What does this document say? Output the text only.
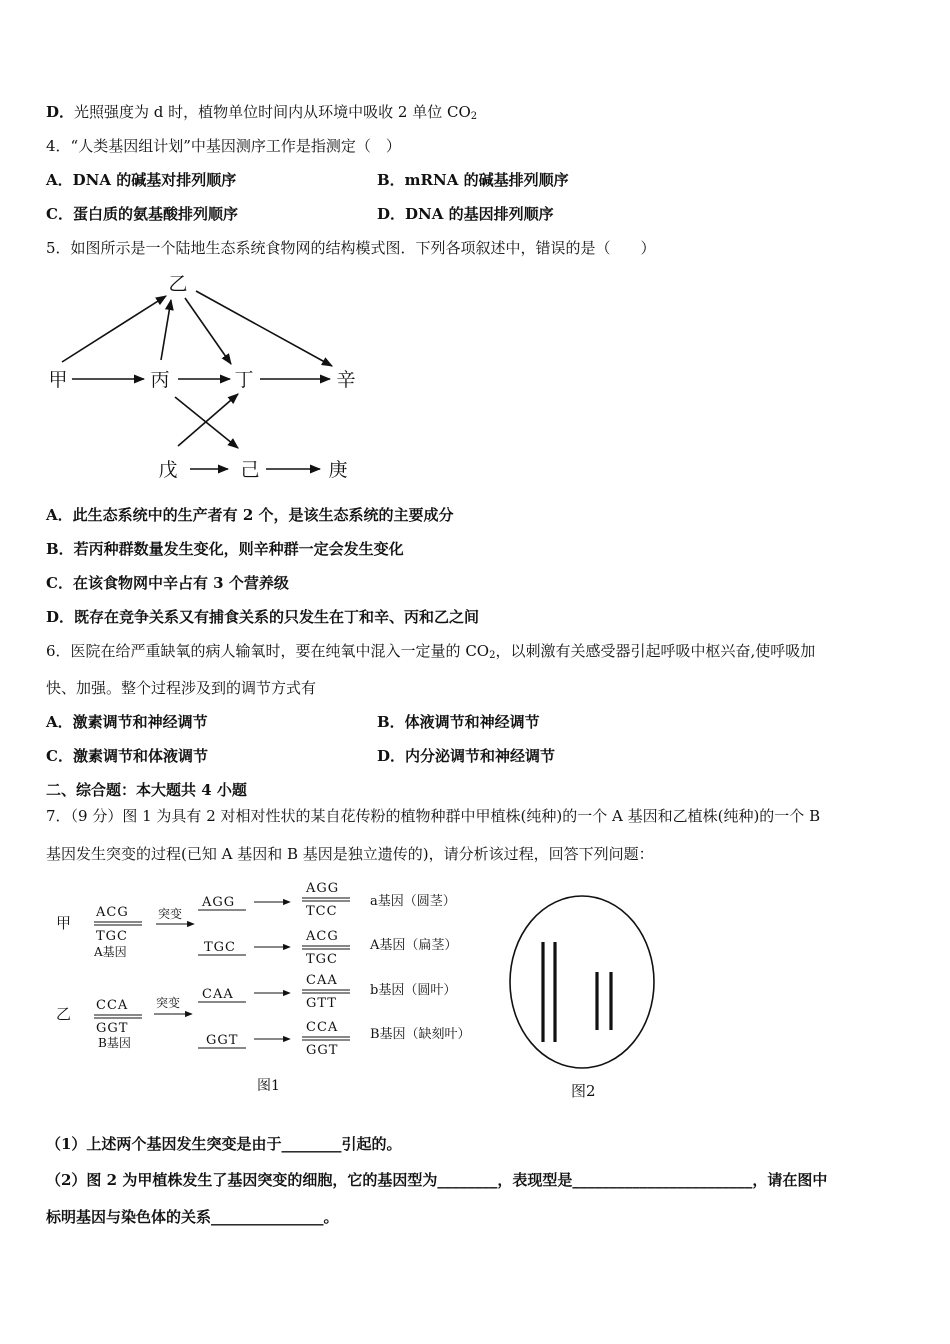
D．光照强度为 d 时，植物单位时间内从环境中吸收 2 单位 $CO_2$
4．“人类基因组计划”中基因测序工作是指测定（　）
A．DNA 的碱基对排列顺序	B．mRNA 的碱基排列顺序
C．蛋白质的氨基酸排列顺序	D．DNA 的基因排列顺序
5．如图所示是一个陆地生态系统食物网的结构模式图．下列各项叙述中，错误的是（　　）
乙
甲	丙	丁	辛
戊	己	庚
A．此生态系统中的生产者有 2 个，是该生态系统的主要成分
B．若丙种群数量发生变化，则辛种群一定会发生变化
C．在该食物网中辛占有 3 个营养级
D．既存在竞争关系又有捕食关系的只发生在丁和辛、丙和乙之间
6．医院在给严重缺氧的病人输氧时，要在纯氧中混入一定量的 $CO_2$，以刺激有关感受器引起呼吸中枢兴奋,使呼吸加
快、加强。整个过程涉及到的调节方式有
A．激素调节和神经调节	B．体液调节和神经调节
C．激素调节和体液调节	D．内分泌调节和神经调节
二、综合题：本大题共 4 小题
7．（9 分）图 1 为具有 2 对相对性状的某自花传粉的植物种群中甲植株(纯种)的一个 A 基因和乙植株(纯种)的一个 B
基因发生突变的过程(已知 A 基因和 B 基因是独立遗传的)，请分析该过程，回答下列问题：
甲
乙
ACG
TGC
CCA
GGT
A基因
B基因
突变
突变
AGG
TGC
CAA
GGT
AGG
TCC
ACG
TGC
CAA
GTT
CCA
GGT
a基因（圆茎）
A基因（扁茎）
b基因（圆叶）
B基因（缺刻叶）
图1	图2
（1）上述两个基因发生突变是由于________引起的。
（2）图 2 为甲植株发生了基因突变的细胞，它的基因型为________，表现型是________________________，请在图中
标明基因与染色体的关系_______________。
